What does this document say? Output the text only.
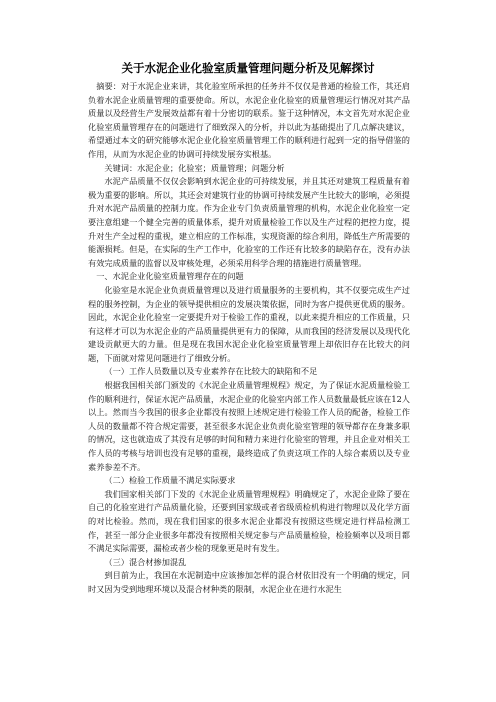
关于水泥企业化验室质量管理问题分析及见解探讨

摘要：对于水泥企业来讲，其化验室所承担的任务并不仅仅是普通的检验工作，其还肩负着水泥企业质量管理的重要使命。所以，水泥企业化验室的质量管理运行情况对其产品质量以及经营生产发展效益都有着十分密切的联系。鉴于这种情况，本文首先对水泥企业化验室质量管理存在的问题进行了细致深入的分析，并以此为基础提出了几点解决建议，希望通过本文的研究能够水泥企业化验室质量管理工作的顺利进行起到一定的指导借鉴的作用，从而为水泥企业的协调可持续发展夯实根基。

关键词：水泥企业；化验室；质量管理；问题分析

水泥产品质量不仅仅会影响到水泥企业的可持续发展，并且其还对建筑工程质量有着极为重要的影响。所以，其还会对建筑行业的协调可持续发展产生比较大的影响，必须提升对水泥产品质量的控制力度。作为企业专门负责质量管理的机构，水泥企业化验室一定要注意组建一个健全完善的质量体系，提升对质量检验工作以及生产过程的把控力度，提升对生产全过程的重视，建立相应的工作标准，实现资源的综合利用，降低生产所需要的能源损耗。但是，在实际的生产工作中，化验室的工作还有比较多的缺陷存在，没有办法有效完成质量的监督以及审核处理，必须采用科学合理的措施进行质量管理。

一、水泥企业化验室质量管理存在的问题

化验室是水泥企业负责质量管理以及进行质量服务的主要机构，其不仅要完成生产过程的服务控制，为企业的领导提供相应的发展决策依据，同时为客户提供更优质的服务。因此，水泥企业化验室一定要提升对于检验工作的重视，以此来提升相应的工作质量，只有这样才可以为水泥企业的产品质量提供更有力的保障，从而我国的经济发展以及现代化建设贡献更大的力量。但是现在我国水泥企业化验室质量管理上却依旧存在比较大的问题，下面就对常见问题进行了细致分析。

（一）工作人员数量以及专业素养存在比较大的缺陷和不足

根据我国相关部门颁发的《水泥企业质量管理规程》规定，为了保证水泥质量检验工作的顺利进行，保证水泥产品质量，水泥企业的化验室内部工作人员数量最低应该在12人以上。然而当今我国的很多企业都没有按照上述规定进行检验工作人员的配备，检验工作人员的数量都不符合规定需要，甚至很多水泥企业负责化验室管理的领导都存在身兼多职的情况，这也就造成了其没有足够的时间和精力来进行化验室的管理，并且企业对相关工作人员的考核与培训也没有足够的重视，最终造成了负责这项工作的人综合素质以及专业素养参差不齐。

（二）检验工作质量不满足实际要求

我们国家相关部门下发的《水泥企业质量管理规程》明确规定了，水泥企业除了要在自己的化验室进行产品质量化验，还要到国家级或者省级质检机构进行物理以及化学方面的对比检验。然而，现在我们国家的很多水泥企业都没有按照这些规定进行样品检测工作，甚至一部分企业很多年都没有按照相关规定参与产品质量检验，检验频率以及项目都不满足实际需要，漏检或者少检的现象更是时有发生。

（三）混合材掺加混乱

到目前为止，我国在水泥制造中应该掺加怎样的混合材依旧没有一个明确的规定，同时又因为受到地理环境以及混合材种类的限制，水泥企业在进行水泥生
